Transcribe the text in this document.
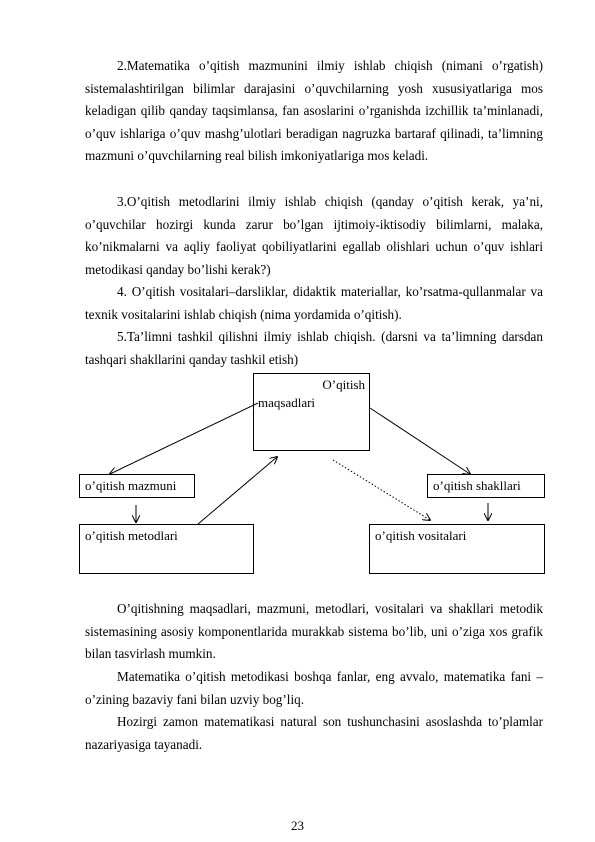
2.Matematika o’qitish mazmunini ilmiy ishlab chiqish (nimani o’rgatish) sistemalashtirilgan bilimlar darajasini o’quvchilarning yosh xususiyatlariga mos keladigan qilib qanday taqsimlansa, fan asoslarini o’rganishda izchillik ta’minlanadi, o’quv ishlariga o’quv mashg’ulotlari beradigan nagruzka bartaraf qilinadi, ta’limning mazmuni o’quvchilarning real bilish imkoniyatlariga mos keladi.

3.O’qitish metodlarini ilmiy ishlab chiqish (qanday o’qitish kerak, ya’ni, o’quvchilar hozirgi kunda zarur bo’lgan ijtimoiy-iktisodiy bilimlarni, malaka, ko’nikmalarni va aqliy faoliyat qobiliyatlarini egallab olishlari uchun o’quv ishlari metodikasi qanday bo’lishi kerak?)

4. O’qitish vositalari–darsliklar, didaktik materiallar, ko’rsatma-qullanmalar va texnik vositalarini ishlab chiqish (nima yordamida o’qitish).

5.Ta’limni tashkil qilishni ilmiy ishlab chiqish. (darsni va ta’limning darsdan tashqari shakllarini qanday tashkil etish)

O’qitish
maqsadlari
o’qitish mazmuni	o’qitish shakllari
o’qitish metodlari	o’qitish vositalari

O’qitishning maqsadlari, mazmuni, metodlari, vositalari va shakllari metodik sistemasining asosiy komponentlarida murakkab sistema bo’lib, uni o’ziga xos grafik bilan tasvirlash mumkin.

Matematika o’qitish metodikasi boshqa fanlar, eng avvalo, matematika fani – o’zining bazaviy fani bilan uzviy bog’liq.

Hozirgi zamon matematikasi natural son tushunchasini asoslashda to’plamlar nazariyasiga tayanadi.

23
